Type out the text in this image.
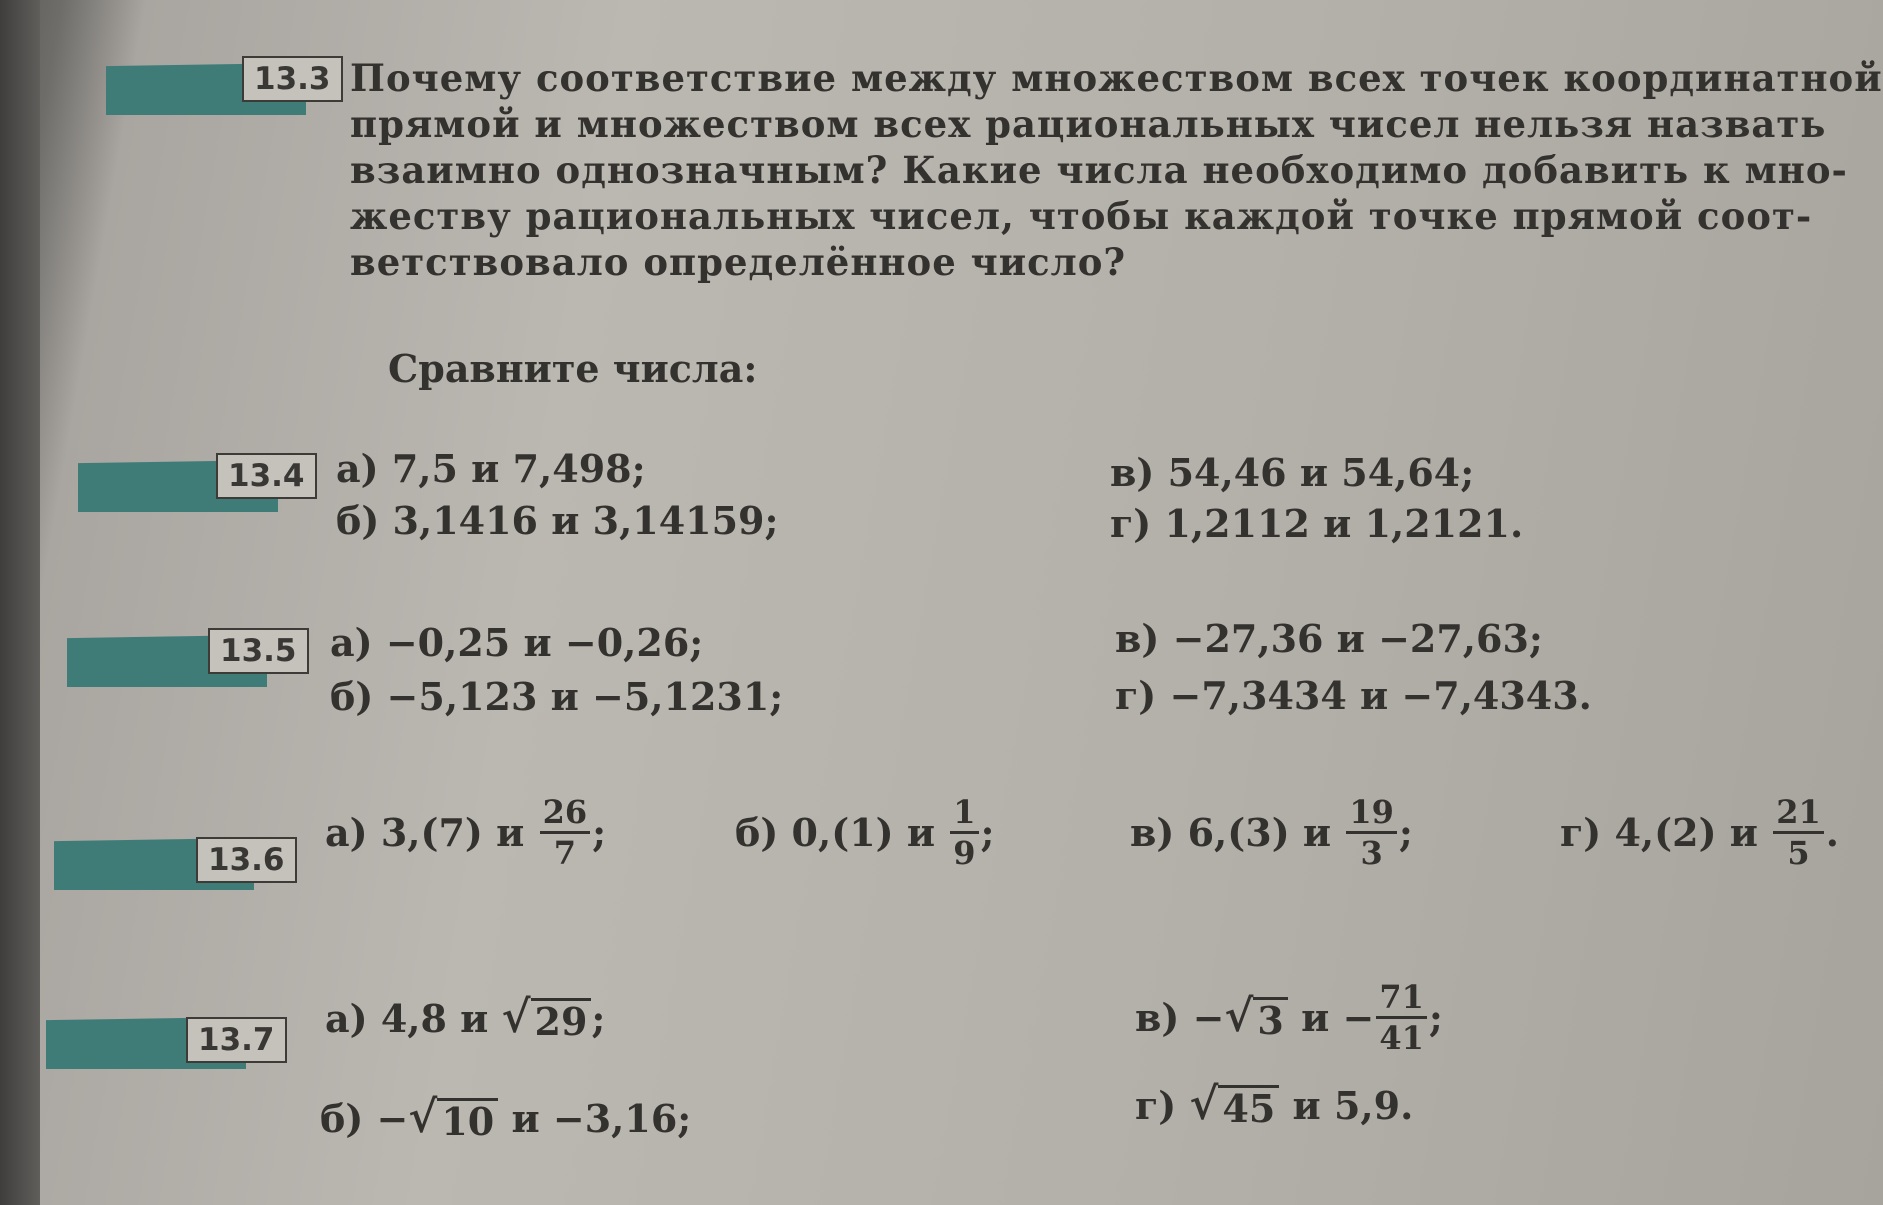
13.3 Почему соответствие между множеством всех точек координатной
прямой и множеством всех рациональных чисел нельзя назвать
взаимно однозначным? Какие числа необходимо добавить к мно-
жеству рациональных чисел, чтобы каждой точке прямой соот-
ветствовало определённое число?
Сравните числа:
13.4 а) 7,5 и 7,498;
б) 3,1416 и 3,14159;
в) 54,46 и 54,64;
г) 1,2112 и 1,2121.
13.5 а) −0,25 и −0,26;
б) −5,123 и −5,1231;
в) −27,36 и −27,63;
г) −7,3434 и −7,4343.
13.6
а) 3,(7) и $\frac{26}{7}$ ;	б) 0,(1) и $\frac{1}{9}$ ;	в) 6,(3) и $\frac{19}{3}$ ;	г) 4,(2) и $\frac{21}{5}$ .
13.7	а) 4,8 и √ 29 ;
б) − √ 10 и −3,16;
в) − √ 3 $и - \frac{71}{41}$ ;
г) √ 45 и 5,9.
